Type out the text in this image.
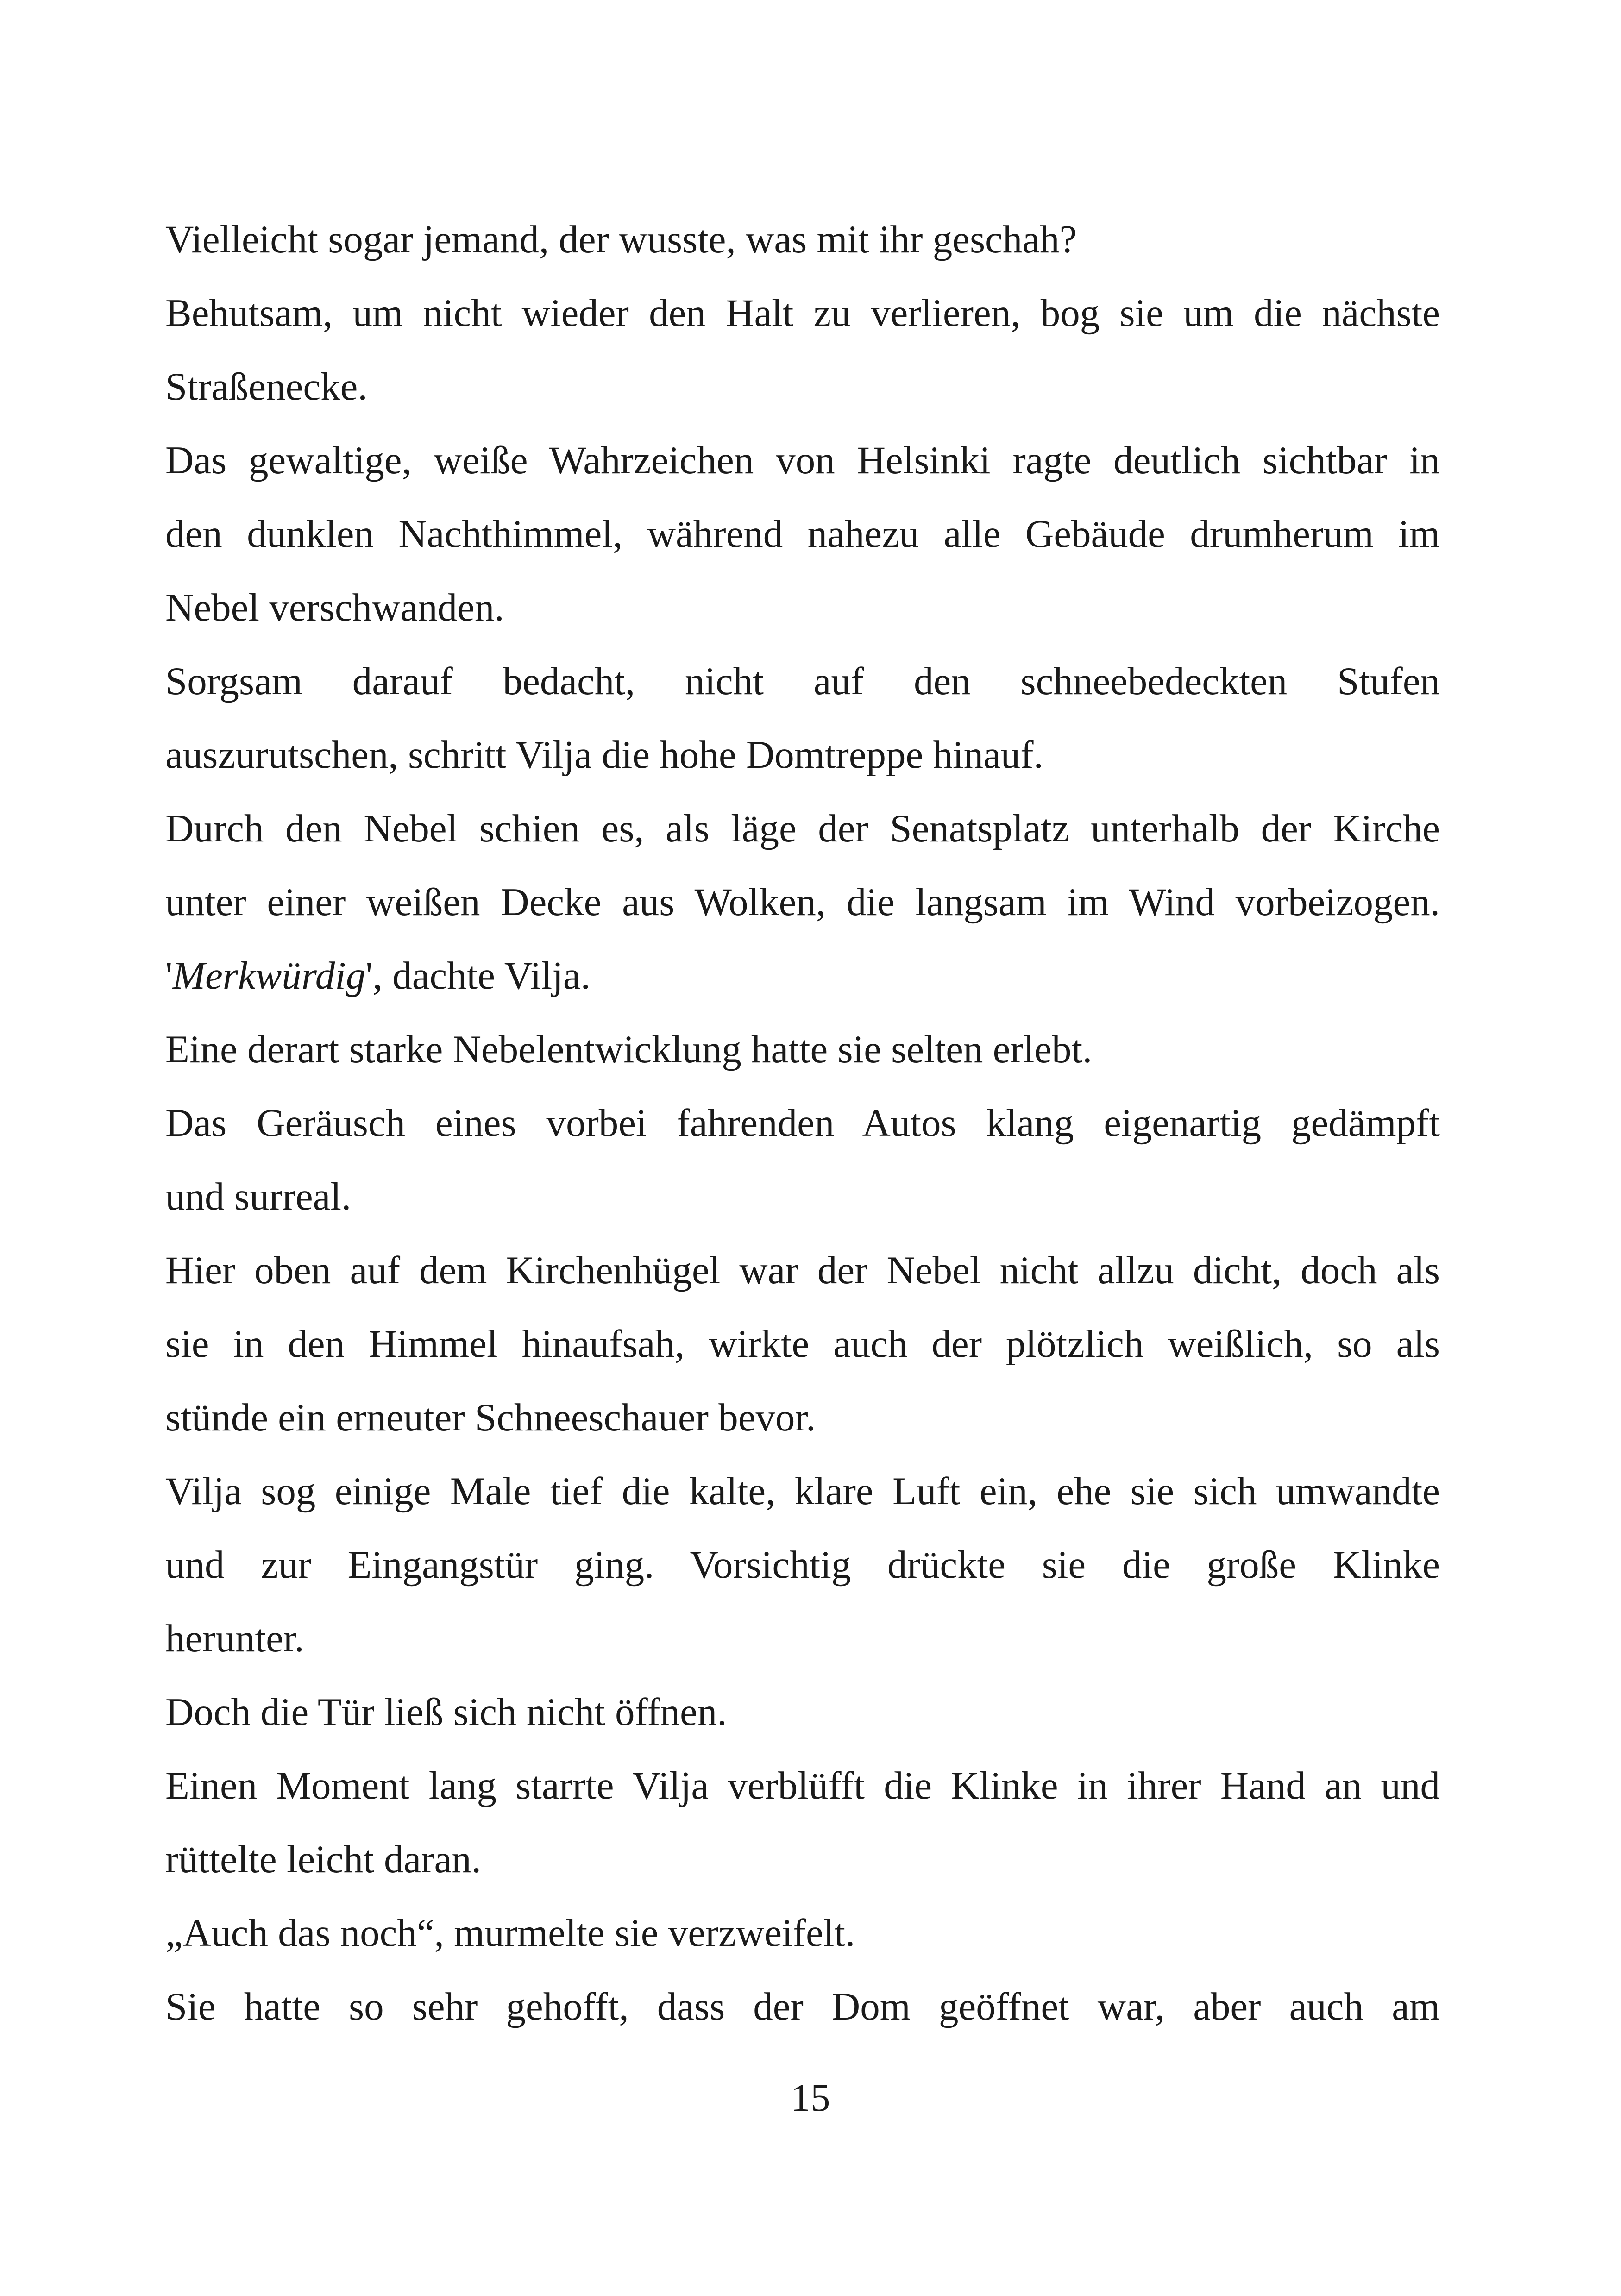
Vielleicht sogar jemand, der wusste, was mit ihr geschah?
Behutsam, um nicht wieder den Halt zu verlieren, bog sie um die nächste
Straßenecke.
Das gewaltige, weiße Wahrzeichen von Helsinki ragte deutlich sichtbar in
den dunklen Nachthimmel, während nahezu alle Gebäude drumherum im
Nebel verschwanden.
Sorgsam darauf bedacht, nicht auf den schneebedeckten Stufen
auszurutschen, schritt Vilja die hohe Domtreppe hinauf.
Durch den Nebel schien es, als läge der Senatsplatz unterhalb der Kirche
unter einer weißen Decke aus Wolken, die langsam im Wind vorbeizogen.
'Merkwürdig', dachte Vilja.
Eine derart starke Nebelentwicklung hatte sie selten erlebt.
Das Geräusch eines vorbei fahrenden Autos klang eigenartig gedämpft
und surreal.
Hier oben auf dem Kirchenhügel war der Nebel nicht allzu dicht, doch als
sie in den Himmel hinaufsah, wirkte auch der plötzlich weißlich, so als
stünde ein erneuter Schneeschauer bevor.
Vilja sog einige Male tief die kalte, klare Luft ein, ehe sie sich umwandte
und zur Eingangstür ging. Vorsichtig drückte sie die große Klinke
herunter.
Doch die Tür ließ sich nicht öffnen.
Einen Moment lang starrte Vilja verblüfft die Klinke in ihrer Hand an und
rüttelte leicht daran.
„Auch das noch“, murmelte sie verzweifelt.
Sie hatte so sehr gehofft, dass der Dom geöffnet war, aber auch am
15
